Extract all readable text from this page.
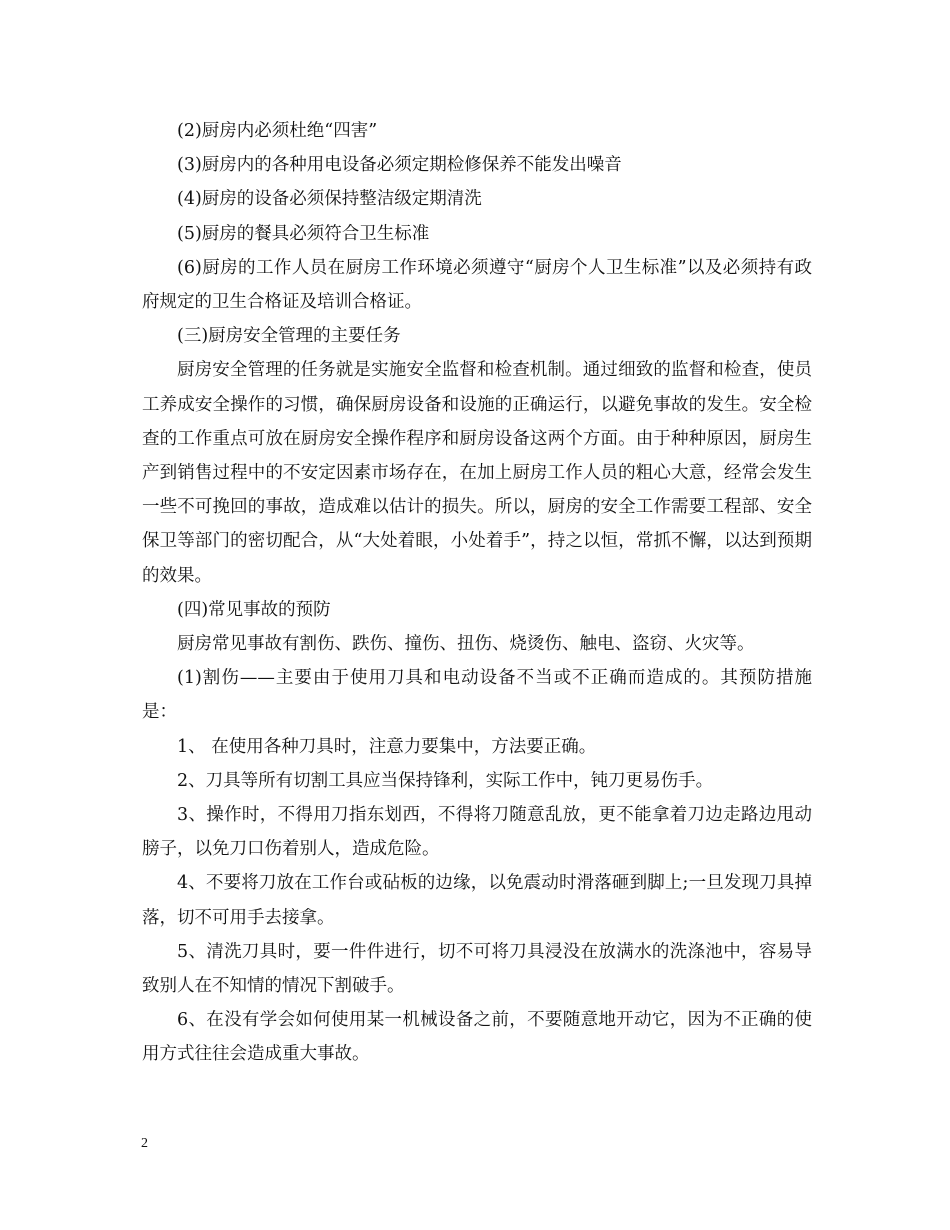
(2)厨房内必须杜绝“四害”

(3)厨房内的各种用电设备必须定期检修保养不能发出噪音

(4)厨房的设备必须保持整洁级定期清洗

(5)厨房的餐具必须符合卫生标准

(6)厨房的工作人员在厨房工作环境必须遵守“厨房个人卫生标准”以及必须持有政府规定的卫生合格证及培训合格证。

(三)厨房安全管理的主要任务

厨房安全管理的任务就是实施安全监督和检查机制。通过细致的监督和检查，使员工养成安全操作的习惯，确保厨房设备和设施的正确运行，以避免事故的发生。安全检查的工作重点可放在厨房安全操作程序和厨房设备这两个方面。由于种种原因，厨房生产到销售过程中的不安定因素市场存在，在加上厨房工作人员的粗心大意，经常会发生一些不可挽回的事故，造成难以估计的损失。所以，厨房的安全工作需要工程部、安全保卫等部门的密切配合，从“大处着眼，小处着手”，持之以恒，常抓不懈，以达到预期的效果。

(四)常见事故的预防

厨房常见事故有割伤、跌伤、撞伤、扭伤、烧烫伤、触电、盗窃、火灾等。

(1)割伤——主要由于使用刀具和电动设备不当或不正确而造成的。其预防措施是：

1、 在使用各种刀具时，注意力要集中，方法要正确。

2、刀具等所有切割工具应当保持锋利，实际工作中，钝刀更易伤手。

3、操作时，不得用刀指东划西，不得将刀随意乱放，更不能拿着刀边走路边甩动膀子，以免刀口伤着别人，造成危险。

4、不要将刀放在工作台或砧板的边缘，以免震动时滑落砸到脚上;一旦发现刀具掉落，切不可用手去接拿。

5、清洗刀具时，要一件件进行，切不可将刀具浸没在放满水的洗涤池中，容易导致别人在不知情的情况下割破手。

6、在没有学会如何使用某一机械设备之前，不要随意地开动它，因为不正确的使用方式往往会造成重大事故。

2
